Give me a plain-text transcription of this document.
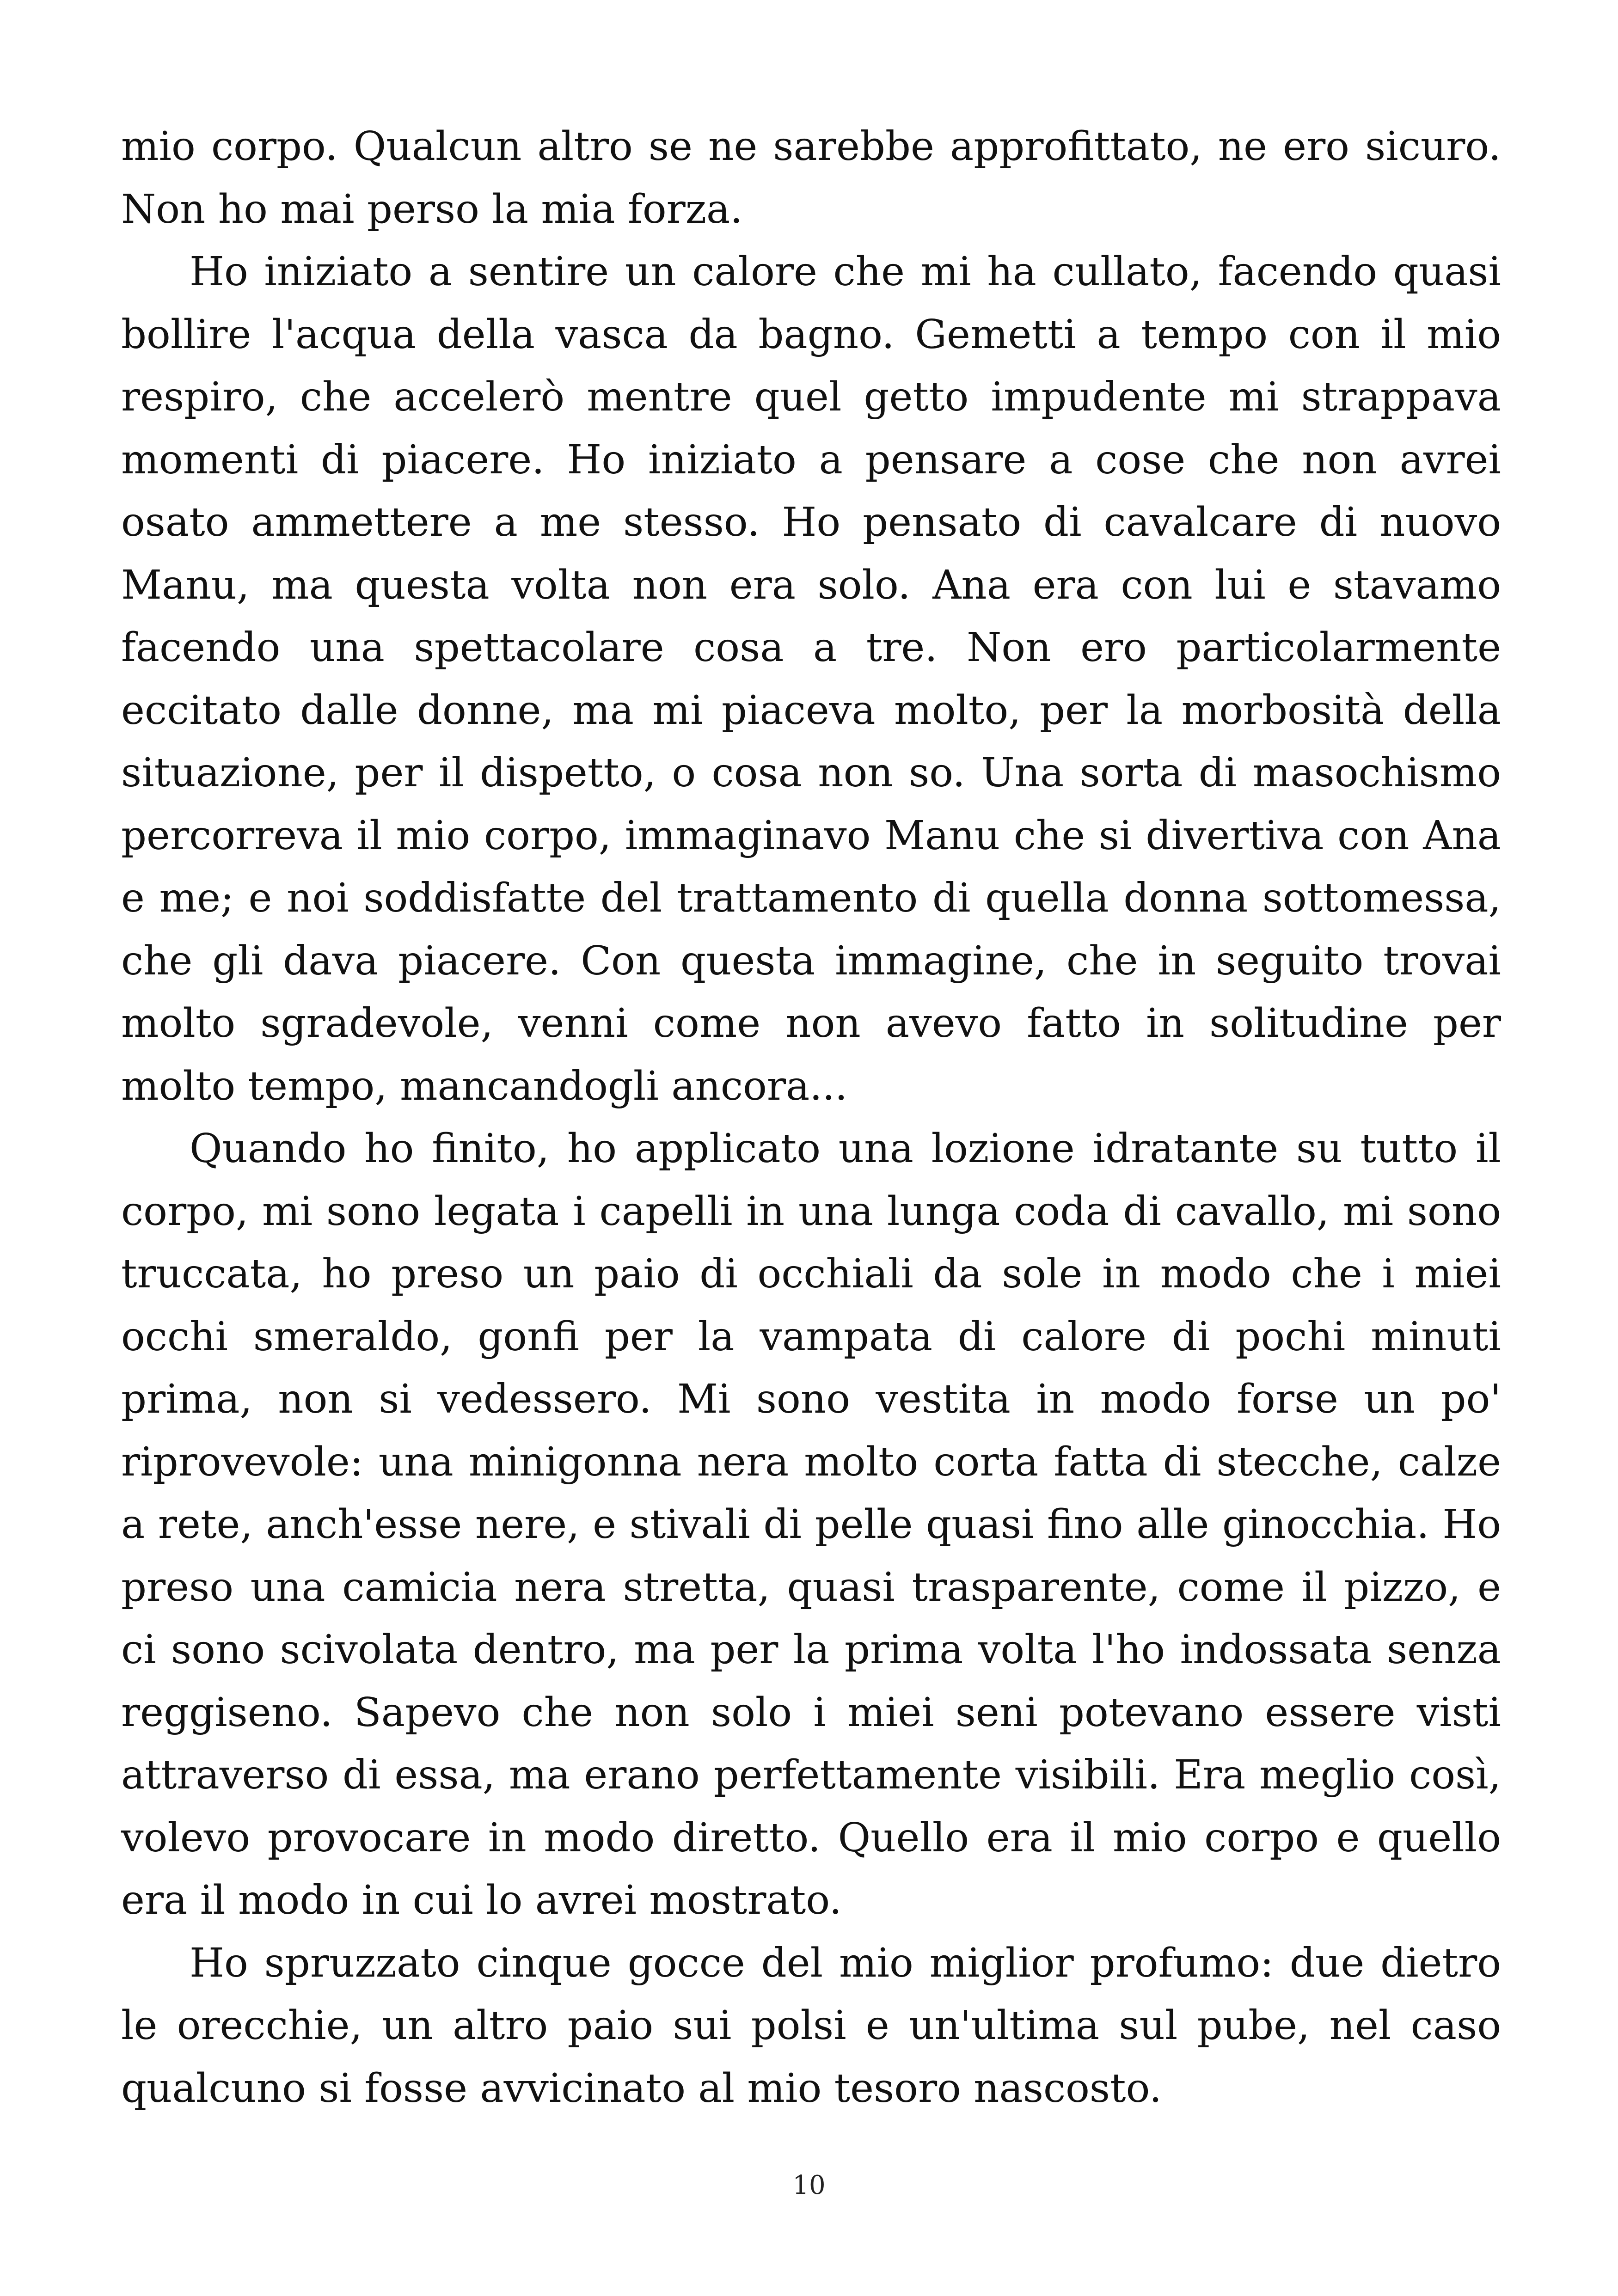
mio corpo. Qualcun altro se ne sarebbe approfittato, ne ero sicuro. Non ho mai perso la mia forza.

Ho iniziato a sentire un calore che mi ha cullato, facendo quasi bollire l'acqua della vasca da bagno. Gemetti a tempo con il mio respiro, che accelerò mentre quel getto impudente mi strappava momenti di piacere. Ho iniziato a pensare a cose che non avrei osato ammettere a me stesso. Ho pensato di cavalcare di nuovo Manu, ma questa volta non era solo. Ana era con lui e stavamo facendo una spettacolare cosa a tre. Non ero particolarmente eccitato dalle donne, ma mi piaceva molto, per la morbosità della situazione, per il dispetto, o cosa non so. Una sorta di masochismo percorreva il mio corpo, immaginavo Manu che si divertiva con Ana e me; e noi soddisfatte del trattamento di quella donna sottomessa, che gli dava piacere. Con questa immagine, che in seguito trovai molto sgradevole, venni come non avevo fatto in solitudine per molto tempo, mancandogli ancora...

Quando ho finito, ho applicato una lozione idratante su tutto il corpo, mi sono legata i capelli in una lunga coda di cavallo, mi sono truccata, ho preso un paio di occhiali da sole in modo che i miei occhi smeraldo, gonfi per la vampata di calore di pochi minuti prima, non si vedessero. Mi sono vestita in modo forse un po' riprovevole: una minigonna nera molto corta fatta di stecche, calze a rete, anch'esse nere, e stivali di pelle quasi fino alle ginocchia. Ho preso una camicia nera stretta, quasi trasparente, come il pizzo, e ci sono scivolata dentro, ma per la prima volta l'ho indossata senza reggiseno. Sapevo che non solo i miei seni potevano essere visti attraverso di essa, ma erano perfettamente visibili. Era meglio così, volevo provocare in modo diretto. Quello era il mio corpo e quello era il modo in cui lo avrei mostrato.

Ho spruzzato cinque gocce del mio miglior profumo: due dietro le orecchie, un altro paio sui polsi e un'ultima sul pube, nel caso qualcuno si fosse avvicinato al mio tesoro nascosto.

10
